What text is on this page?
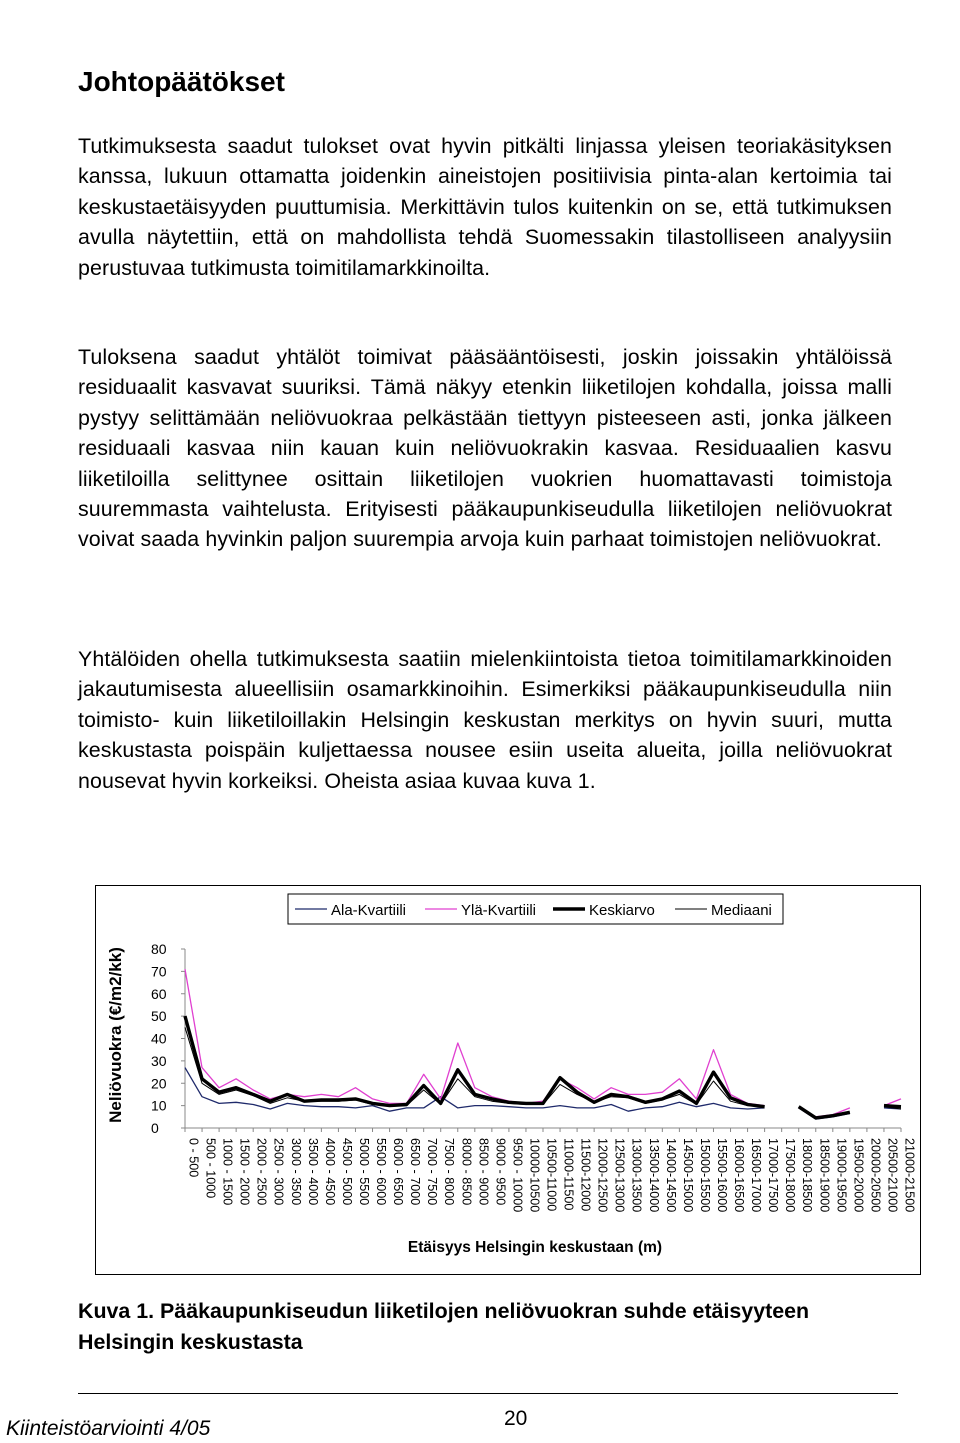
Johtopäätökset

Tutkimuksesta saadut tulokset ovat hyvin pitkälti linjassa yleisen teoriakäsityksen kanssa, lukuun ottamatta joidenkin aineistojen positiivisia pinta-alan kertoimia tai keskustaetäisyyden puuttumisia. Merkittävin tulos kuitenkin on se, että tutkimuksen avulla näytettiin, että on mahdollista tehdä Suomessakin tilastolliseen analyysiin perustuvaa tutkimusta toimitilamarkkinoilta.

Tuloksena saadut yhtälöt toimivat pääsääntöisesti, joskin joissakin yhtälöissä residuaalit kasvavat suuriksi. Tämä näkyy etenkin liiketilojen kohdalla, joissa malli pystyy selittämään neliövuokraa pelkästään tiettyyn pisteeseen asti, jonka jälkeen residuaali kasvaa niin kauan kuin neliövuokrakin kasvaa. Residuaalien kasvu liiketiloilla selittynee osittain liiketilojen vuokrien huomattavasti toimistoja suuremmasta vaihtelusta. Erityisesti pääkaupunkiseudulla liiketilojen neliövuokrat voivat saada hyvinkin paljon suurempia arvoja kuin parhaat toimistojen neliövuokrat.

Yhtälöiden ohella tutkimuksesta saatiin mielenkiintoista tietoa toimitilamarkkinoiden jakautumisesta alueellisiin osamarkkinoihin. Esimerkiksi pääkaupunkiseudulla niin toimisto- kuin liiketiloillakin Helsingin keskustan merkitys on hyvin suuri, mutta keskustasta poispäin kuljettaessa nousee esiin useita alueita, joilla neliövuokrat nousevat hyvin korkeiksi. Oheista asiaa kuvaa kuva 1.

Ala-Kvartiili	Ylä-Kvartiili	Keskiarvo	Mediaani
0
10
20
30
40
50
60
70
80
0 - 500 500 - 1000 1000 - 1500 1500 - 2000 2000 - 2500 2500 - 3000 3000 - 3500 3500 - 4000 4000 - 4500 4500 - 5000 5000 - 5500 5500 - 6000 6000 - 6500 6500 - 7000 7000 - 7500 7500 - 8000 8000 - 8500 8500 - 9000 9000 - 9500 9500 - 10000 10000-10500 10500-11000 11000-11500 11500-12000 12000-12500 12500-13000 13000-13500 13500-14000 14000-14500 14500-15000 15000-15500 15500-16000 16000-16500 16500-17000 17000-17500 17500-18000 18000-18500 18500-19000 19000-19500 19500-20000 20000-20500 20500-21000 21000-21500
Neliövuokra (€/m2/kk)
Etäisyys Helsingin keskustaan (m)

Kuva 1. Pääkaupunkiseudun liiketilojen neliövuokran suhde etäisyyteen Helsingin keskustasta

Kiinteistöarviointi 4/05	20
